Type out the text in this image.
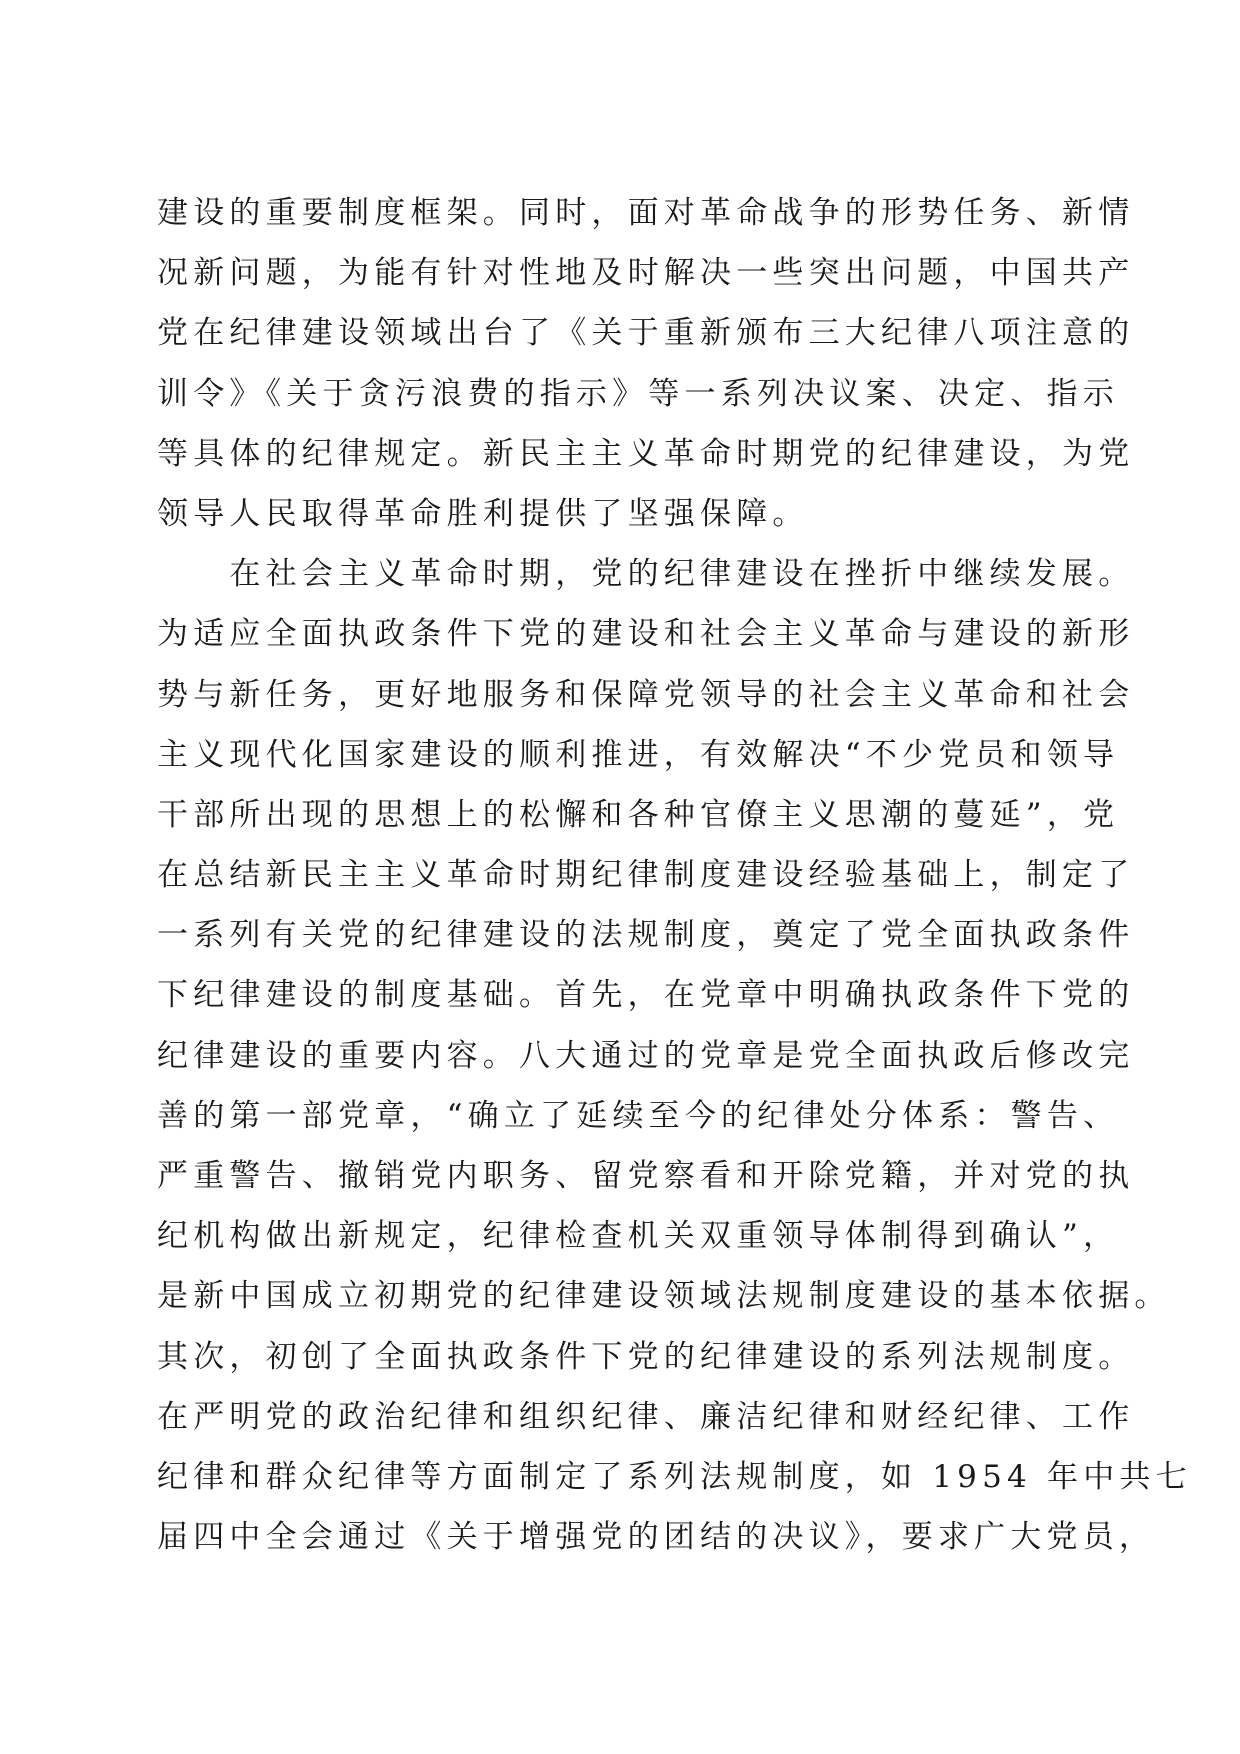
建设的重要制度框架。同时，面对革命战争的形势任务、新情
况新问题，为能有针对性地及时解决一些突出问题，中国共产
党在纪律建设领域出台了《关于重新颁布三大纪律八项注意的
训令》《关于贪污浪费的指示》等一系列决议案、决定、指示
等具体的纪律规定。新民主主义革命时期党的纪律建设，为党
领导人民取得革命胜利提供了坚强保障。
　　在社会主义革命时期，党的纪律建设在挫折中继续发展。
为适应全面执政条件下党的建设和社会主义革命与建设的新形
势与新任务，更好地服务和保障党领导的社会主义革命和社会
主义现代化国家建设的顺利推进，有效解决“不少党员和领导
干部所出现的思想上的松懈和各种官僚主义思潮的蔓延”，党
在总结新民主主义革命时期纪律制度建设经验基础上，制定了
一系列有关党的纪律建设的法规制度，奠定了党全面执政条件
下纪律建设的制度基础。首先，在党章中明确执政条件下党的
纪律建设的重要内容。八大通过的党章是党全面执政后修改完
善的第一部党章，“确立了延续至今的纪律处分体系：警告、
严重警告、撤销党内职务、留党察看和开除党籍，并对党的执
纪机构做出新规定，纪律检查机关双重领导体制得到确认”，
是新中国成立初期党的纪律建设领域法规制度建设的基本依据。
其次，初创了全面执政条件下党的纪律建设的系列法规制度。
在严明党的政治纪律和组织纪律、廉洁纪律和财经纪律、工作
纪律和群众纪律等方面制定了系列法规制度，如 1954 年中共七
届四中全会通过《关于增强党的团结的决议》，要求广大党员，
